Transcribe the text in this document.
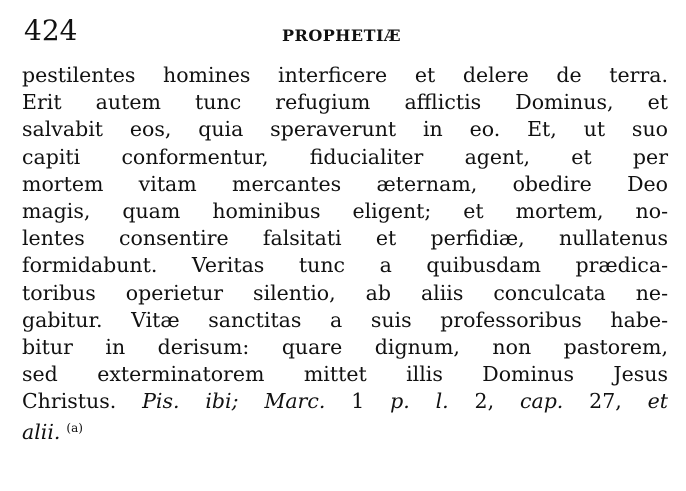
424	PROPHETIÆ
pestilentes homines interficere et delere de terra.
Erit autem tunc refugium afflictis Dominus, et
salvabit eos, quia speraverunt in eo. Et, ut suo
capiti conformentur, fiducialiter agent, et per
mortem vitam mercantes æternam, obedire Deo
magis, quam hominibus eligent; et mortem, no-
lentes consentire falsitati et perfidiæ, nullatenus
formidabunt. Veritas tunc a quibusdam prædica-
toribus operietur silentio, ab aliis conculcata ne-
gabitur. Vitæ sanctitas a suis professoribus habe-
bitur in derisum: quare dignum, non pastorem,
sed exterminatorem mittet illis Dominus Jesus
Christus. Pis. ibi; Marc. 1 p. l. 2, cap. 27, et
alii. $^{(a)}$
